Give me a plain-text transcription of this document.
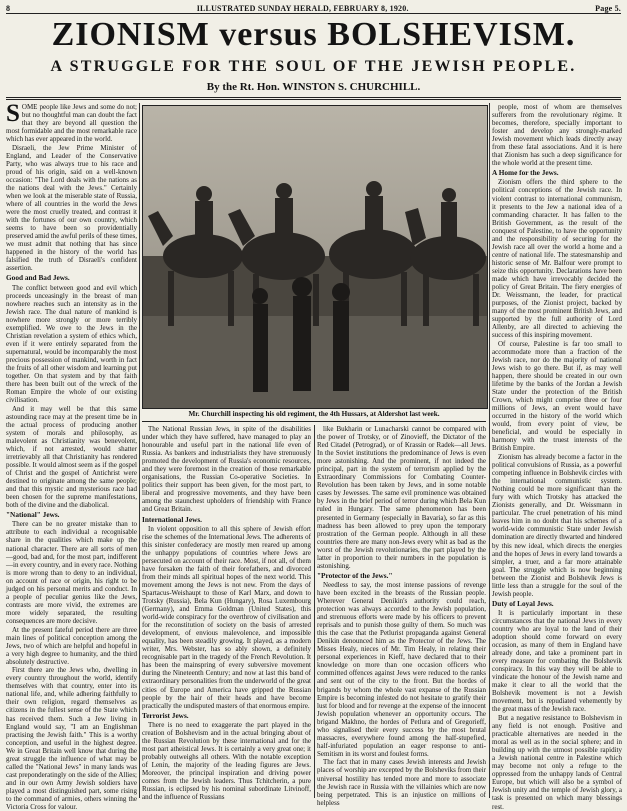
8	ILLUSTRATED SUNDAY HERALD, FEBRUARY 8, 1920.	Page 5.
ZIONISM versus BOLSHEVISM.
A STRUGGLE FOR THE SOUL OF THE JEWISH PEOPLE.
By the Rt. Hon. WINSTON S. CHURCHILL.

SOME people like Jews and some do not; but no thoughtful man can doubt the fact that they are beyond all question the most formidable and the most remarkable race which has ever appeared in the world.

Disraeli, the Jew Prime Minister of England, and Leader of the Conservative Party, who was always true to his race and proud of his origin, said on a well-known occasion: "The Lord deals with the nations as the nations deal with the Jews." Certainly when we look at the miserable state of Russia, where of all countries in the world the Jews were the most cruelly treated, and contrast it with the fortunes of our own country, which seems to have been so providentially preserved amid the awful perils of these times, we must admit that nothing that has since happened in the history of the world has falsified the truth of Disraeli's confident assertion.

Good and Bad Jews.

The conflict between good and evil which proceeds unceasingly in the breast of man nowhere reaches such an intensity as in the Jewish race. The dual nature of mankind is nowhere more strongly or more terribly exemplified. We owe to the Jews in the Christian revelation a system of ethics which, even if it were entirely separated from the supernatural, would be incomparably the most precious possession of mankind, worth in fact the fruits of all other wisdom and learning put together. On that system and by that faith there has been built out of the wreck of the Roman Empire the whole of our existing civilisation.

And it may well be that this same astounding race may at the present time be in the actual process of producing another system of morals and philosophy, as malevolent as Christianity was benevolent, which, if not arrested, would shatter irretrievably all that Christianity has rendered possible. It would almost seem as if the gospel of Christ and the gospel of Antichrist were destined to originate among the same people; and that this mystic and mysterious race had been chosen for the supreme manifestations, both of the divine and the diabolical.

"National" Jews.

There can be no greater mistake than to attribute to each individual a recognisable share in the qualities which make up the national character. There are all sorts of men—good, bad and, for the most part, indifferent—in every country, and in every race. Nothing is more wrong than to deny to an individual, on account of race or origin, his right to be judged on his personal merits and conduct. In a people of peculiar genius like the Jews, contrasts are more vivid, the extremes are more widely separated, the resulting consequences are more decisive.

At the present fateful period there are three main lines of political conception among the Jews, two of which are helpful and hopeful in a very high degree to humanity, and the third absolutely destructive.

First there are the Jews who, dwelling in every country throughout the world, identify themselves with that country, enter into its national life, and, while adhering faithfully to their own religion, regard themselves as citizens in the fullest sense of the State which has received them. Such a Jew living in England would say, "I am an Englishman practising the Jewish faith." This is a worthy conception, and useful in the highest degree. We in Great Britain well know that during the great struggle the influence of what may be called the "National Jews" in many lands was cast preponderatingly on the side of the Allies; and in our own Army Jewish soldiers have played a most distinguished part, some rising to the command of armies, others winning the Victoria Cross for valour.

Mr. Churchill inspecting his old regiment, the 4th Hussars, at Aldershot last week.

The National Russian Jews, in spite of the disabilities under which they have suffered, have managed to play an honourable and useful part in the national life even of Russia. As bankers and industrialists they have strenuously promoted the development of Russia's economic resources, and they were foremost in the creation of those remarkable organisations, the Russian Co-operative Societies. In politics their support has been given, for the most part, to liberal and progressive movements, and they have been among the staunchest upholders of friendship with France and Great Britain.

International Jews.

In violent opposition to all this sphere of Jewish effort rise the schemes of the International Jews. The adherents of this sinister confederacy are mostly men reared up among the unhappy populations of countries where Jews are persecuted on account of their race. Most, if not all, of them have forsaken the faith of their forefathers, and divorced from their minds all spiritual hopes of the next world. This movement among the Jews is not new. From the days of Spartacus-Weishaupt to those of Karl Marx, and down to Trotsky (Russia), Bela Kun (Hungary), Rosa Luxembourg (Germany), and Emma Goldman (United States), this world-wide conspiracy for the overthrow of civilisation and for the reconstitution of society on the basis of arrested development, of envious malevolence, and impossible equality, has been steadily growing. It played, as a modern writer, Mrs. Webster, has so ably shown, a definitely recognisable part in the tragedy of the French Revolution. It has been the mainspring of every subversive movement during the Nineteenth Century; and now at last this band of extraordinary personalities from the underworld of the great cities of Europe and America have gripped the Russian people by the hair of their heads and have become practically the undisputed masters of that enormous empire.

Terrorist Jews.

There is no need to exaggerate the part played in the creation of Bolshevism and in the actual bringing about of the Russian Revolution by these international and for the most part atheistical Jews. It is certainly a very great one; it probably outweighs all others. With the notable exception of Lenin, the majority of the leading figures are Jews. Moreover, the principal inspiration and driving power comes from the Jewish leaders. Thus Tchitcherin, a pure Russian, is eclipsed by his nominal subordinate Litvinoff, and the influence of Russians

like Bukharin or Lunacharski cannot be compared with the power of Trotsky, or of Zinovieff, the Dictator of the Red Citadel (Petrograd), or of Krassin or Radek—all Jews. In the Soviet institutions the predominance of Jews is even more astonishing. And the prominent, if not indeed the principal, part in the system of terrorism applied by the Extraordinary Commissions for Combating Counter-Revolution has been taken by Jews, and in some notable cases by Jewesses. The same evil prominence was obtained by Jews in the brief period of terror during which Bela Kun ruled in Hungary. The same phenomenon has been presented in Germany (especially in Bavaria), so far as this madness has been allowed to prey upon the temporary prostration of the German people. Although in all these countries there are many non-Jews every whit as bad as the worst of the Jewish revolutionaries, the part played by the latter in proportion to their numbers in the population is astonishing.

"Protector of the Jews."

Needless to say, the most intense passions of revenge have been excited in the breasts of the Russian people. Wherever General Denikin's authority could reach, protection was always accorded to the Jewish population, and strenuous efforts were made by his officers to prevent reprisals and to punish those guilty of them. So much was this the case that the Petlurist propaganda against General Denikin denounced him as the Protector of the Jews. The Misses Healy, nieces of Mr. Tim Healy, in relating their personal experiences in Kieff, have declared that to their knowledge on more than one occasion officers who committed offences against Jews were reduced to the ranks and sent out of the city to the front. But the hordes of brigands by whom the whole vast expanse of the Russian Empire is becoming infested do not hesitate to gratify their lust for blood and for revenge at the expense of the innocent Jewish population whenever an opportunity occurs. The brigand Makhno, the hordes of Petlura and of Gregorieff, who signalised their every success by the most brutal massacres, everywhere found among the half-stupefied, half-infuriated population an eager response to anti-Semitism in its worst and foulest forms.

The fact that in many cases Jewish interests and Jewish places of worship are excepted by the Bolsheviks from their universal hostility has tended more and more to associate the Jewish race in Russia with the villainies which are now being perpetrated. This is an injustice on millions of helpless

people, most of whom are themselves sufferers from the revolutionary régime. It becomes, therefore, specially important to foster and develop any strongly-marked Jewish movement which leads directly away from these fatal associations. And it is here that Zionism has such a deep significance for the whole world at the present time.

A Home for the Jews.

Zionism offers the third sphere to the political conceptions of the Jewish race. In violent contrast to international communism, it presents to the Jew a national idea of a commanding character. It has fallen to the British Government, as the result of the conquest of Palestine, to have the opportunity and the responsibility of securing for the Jewish race all over the world a home and a centre of national life. The statesmanship and historic sense of Mr. Balfour were prompt to seize this opportunity. Declarations have been made which have irrevocably decided the policy of Great Britain. The fiery energies of Dr. Weissmann, the leader, for practical purposes, of the Zionist project, backed by many of the most prominent British Jews, and supported by the full authority of Lord Allenby, are all directed to achieving the success of this inspiring movement.

Of course, Palestine is far too small to accommodate more than a fraction of the Jewish race, nor do the majority of national Jews wish to go there. But if, as may well happen, there should be created in our own lifetime by the banks of the Jordan a Jewish State under the protection of the British Crown, which might comprise three or four millions of Jews, an event would have occurred in the history of the world which would, from every point of view, be beneficial, and would be especially in harmony with the truest interests of the British Empire.

Zionism has already become a factor in the political convulsions of Russia, as a powerful competing influence in Bolshevik circles with the international communistic system. Nothing could be more significant than the fury with which Trotsky has attacked the Zionists generally, and Dr. Weissmann in particular. The cruel penetration of his mind leaves him in no doubt that his schemes of a world-wide communistic State under Jewish domination are directly thwarted and hindered by this new ideal, which directs the energies and the hopes of Jews in every land towards a simpler, a truer, and a far more attainable goal. The struggle which is now beginning between the Zionist and Bolshevik Jews is little less than a struggle for the soul of the Jewish people.

Duty of Loyal Jews.

It is particularly important in these circumstances that the national Jews in every country who are loyal to the land of their adoption should come forward on every occasion, as many of them in England have already done, and take a prominent part in every measure for combating the Bolshevik conspiracy. In this way they will be able to vindicate the honour of the Jewish name and make it clear to all the world that the Bolshevik movement is not a Jewish movement, but is repudiated vehemently by the great mass of the Jewish race.

But a negative resistance to Bolshevism in any field is not enough. Positive and practicable alternatives are needed in the moral as well as in the social sphere; and in building up with the utmost possible rapidity a Jewish national centre in Palestine which may become not only a refuge to the oppressed from the unhappy lands of Central Europe, but which will also be a symbol of Jewish unity and the temple of Jewish glory, a task is presented on which many blessings rest.
